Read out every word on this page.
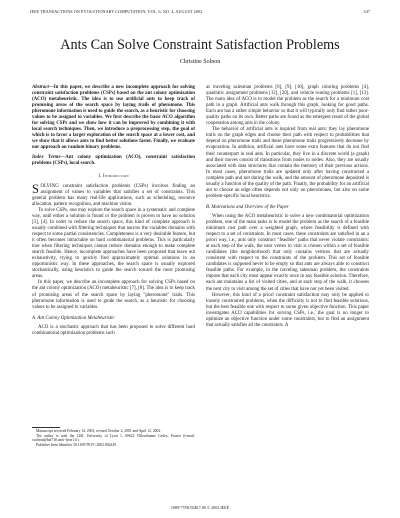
IEEE TRANSACTIONS ON EVOLUTIONARY COMPUTATION, VOL. 6, NO. 4, AUGUST 2002	347
Ants Can Solve Constraint Satisfaction Problems
Christine Solnon

Abstract—In this paper, we describe a new incomplete approach for solving constraint satisfaction problems (CSPs) based on the ant colony optimization (ACO) metaheuristic. The idea is to use artificial ants to keep track of promising areas of the search space by laying trails of pheromone. This pheromone information is used to guide the search, as a heuristic for choosing values to be assigned to variables. We first describe the basic ACO algorithm for solving CSPs and we show how it can be improved by combining it with local search techniques. Then, we introduce a preprocessing step, the goal of which is to favor a larger exploration of the search space at a lower cost, and we show that it allows ants to find better solutions faster. Finally, we evaluate our approach on random binary problems.

Index Terms—Ant colony optimization (ACO), constraint satisfaction problems (CSPs), local search.

I. Introduction

SOLVING constraint satisfaction problems (CSPs) involves finding an assignment of values to variables that satisfies a set of constraints. This general problem has many real-life applications, such as scheduling, resource allocation, pattern recognition, and machine vision.

To solve CSPs, one may explore the search space in a systematic and complete way, until either a solution is found or the problem is proven to have no solution [3], [4]. In order to reduce the search space, this kind of complete approach is usually combined with filtering techniques that narrow the variables domains with respect to some partial consistencies. Completeness is a very desirable feature, but it often becomes intractable on hard combinatorial problems. This is particularly true when filtering techniques cannot reduce domains enough to make complete search feasible. Hence, incomplete approaches have been proposed that leave out exhaustivity, trying to quickly find approximately optimal solutions in an opportunistic way. In these approaches, the search space is usually explored stochastically, using heuristics to guide the search toward the most promising areas.

In this paper, we describe an incomplete approach for solving CSPs based on the ant colony optimization (ACO) metaheuristic [7], [8]. The idea is to keep track of promising areas of the search space by laying "pheromone" trails. This pheromone information is used to guide the search, as a heuristic for choosing values to be assigned to variables.

A. Ant Colony Optimization Metaheuristic

ACO is a stochastic approach that has been proposed to solve different hard combinatorial optimization problems such

as traveling salesman problems [6], [9], [10], graph coloring problems [4], quadratic assignment problems [12], [20], and vehicle routing problems [1], [13]. The main idea of ACO is to model the problem as the search for a minimum cost path in a graph. Artificial ants walk through this graph, looking for good paths. Each ant has a rather simple behavior so that it will typically only find rather poor-quality paths on its own. Better paths are found as the emergent result of the global cooperation among ants in the colony.

The behavior of artificial ants is inspired from real ants: they lay pheromone trails on the graph edges and choose their path with respect to probabilities that depend on pheromone trails and these pheromone trails progressively decrease by evaporation. In addition, artificial ants have some extra features that do not find their counterpart in real ants. In particular, they live in a discrete world (a graph) and their moves consist of transitions from nodes to nodes. Also, they are usually associated with data structures that contain the memory of their previous actions. In most cases, pheromone trails are updated only after having constructed a complete path and not during the walk, and the amount of pheromone deposited is usually a function of the quality of the path. Finally, the probability for an artificial ant to choose an edge often depends not only on pheromones, but also on some problem-specific local heuristics.

B. Motivations and Overview of the Paper

When using the ACO metaheuristic to solve a new combinatorial optimization problem, one of the main tasks is to model the problem as the search of a feasible minimum cost path over a weighted graph, where feasibility is defined with respect to a set of constraints. In most cases, these constraints are satisfied in an a priori way, i.e., ants only construct "feasible" paths that never violate constraints: at each step of the walk, the next vertex to visit is chosen within a set of feasible candidates (the neighborhood) that only contains vertices that are actually consistent with respect to the constraints of the problem. This set of feasible candidates is supposed never to be empty so that ants are always able to construct feasible paths. For example, in the traveling salesman problem, the constraints impose that each city must appear exactly once in any feasible solution. Therefore, each ant maintains a list of visited cities, and at each step of the walk, it chooses the next city to visit among the set of cities that have not yet been visited.

However, this kind of a priori constraint satisfaction may only be applied to loosely constrained problems, when the difficulty is not to find feasible solutions, but the best feasible one with respect to some given objective function. This paper investigates ACO capabilities for solving CSPs, i.e., the goal is no longer to optimize an objective function under some constraints, but to find an assignment that actually satisfies all the constraints. A

Manuscript received February 14, 2001; revised October 2, 2001 and April 12, 2002.

The author is with the LISI, University of Lyon 1, 69622 Villeurbanne Cedex, France (e-mail: csolnon@bat710.univ-lyon1.fr).

Publisher Item Identifier 10.1109/TEVC.2002.802449.

1089-778X/02$17.00 © 2002 IEEE
